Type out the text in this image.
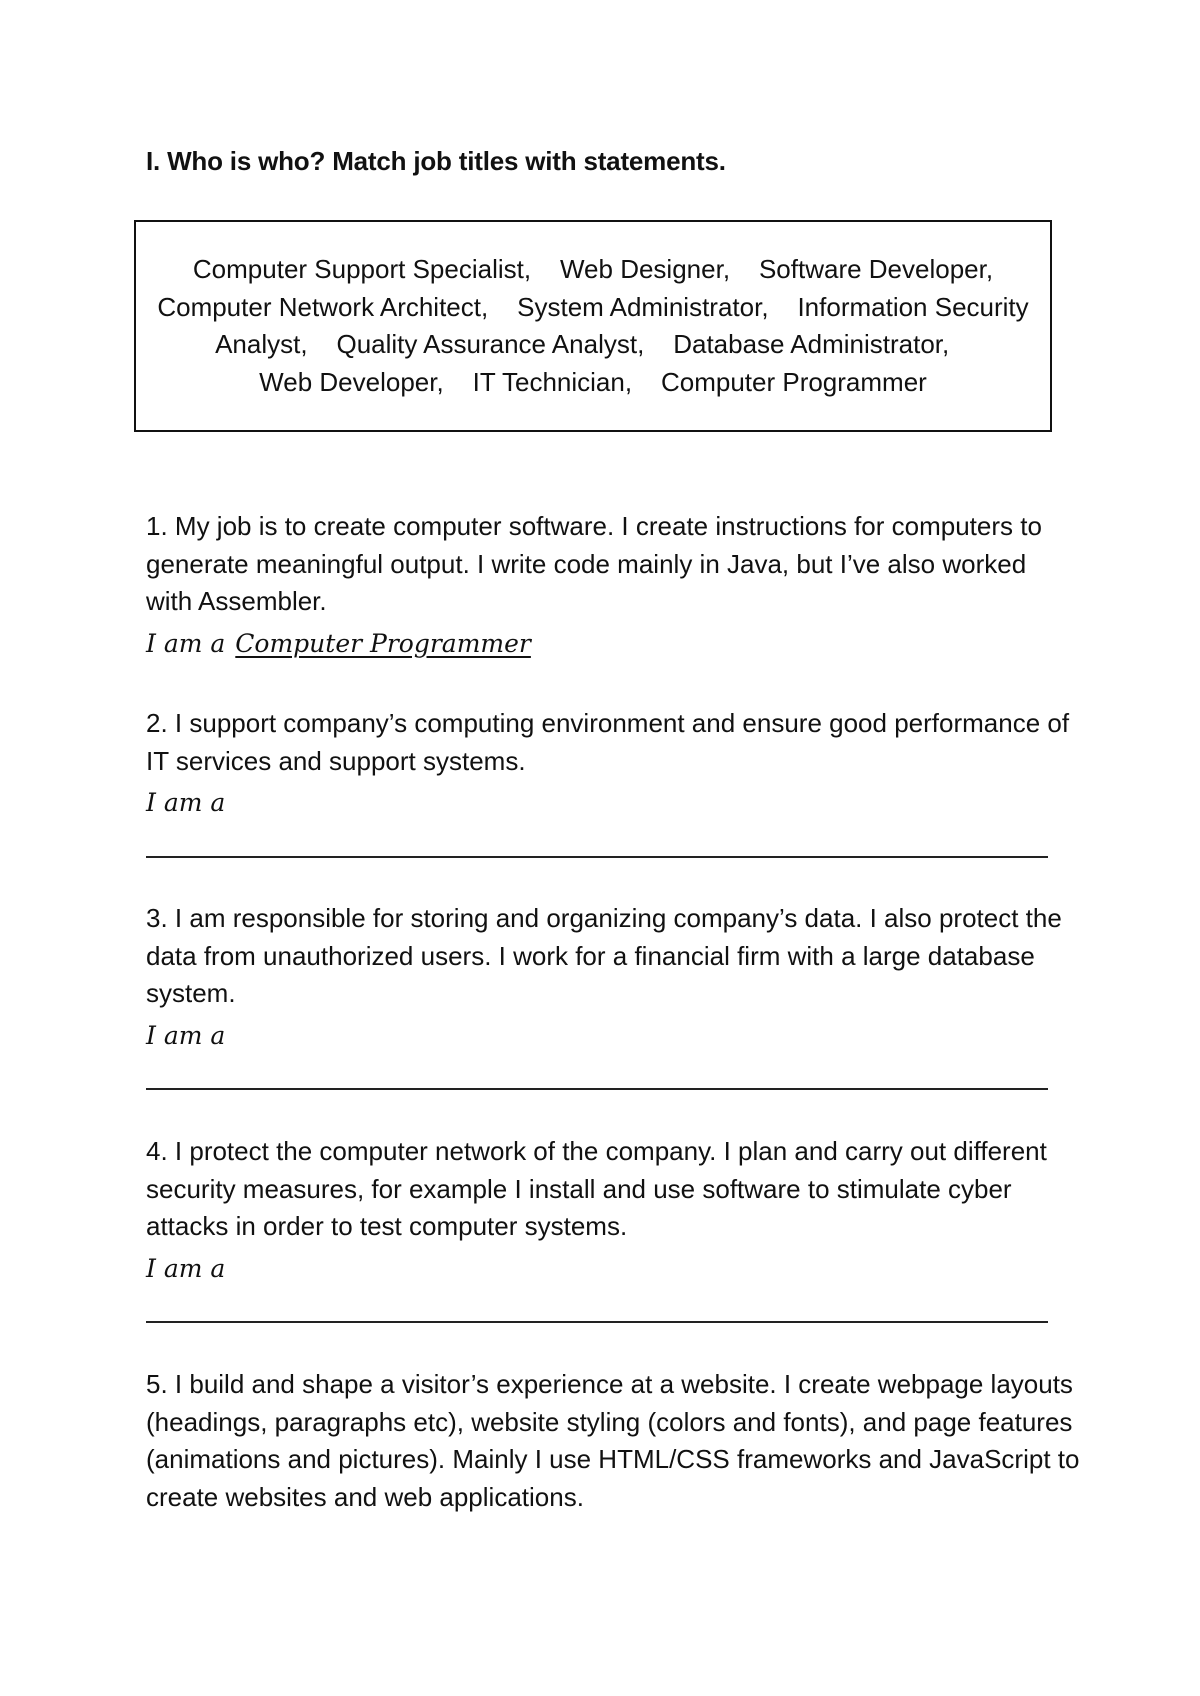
I. Who is who? Match job titles with statements.
Computer Support Specialist, Web Designer, Software Developer,
Computer Network Architect, System Administrator, Information Security Analyst, Quality Assurance Analyst, Database Administrator,    Web Developer, IT Technician, Computer Programmer

1. My job is to create computer software. I create instructions for computers to generate meaningful output. I write code mainly in Java, but I’ve also worked with Assembler.

I am a Computer Programmer

2. I support company’s computing environment and ensure good performance of IT services and support systems.

I am a

3. I am responsible for storing and organizing company’s data. I also protect the data from unauthorized users. I work for a financial firm with a large database system.

I am a

4. I protect the computer network of the company. I plan and carry out different security measures, for example I install and use software to stimulate cyber attacks in order to test computer systems.

I am a

5. I build and shape a visitor’s experience at a website. I create webpage layouts (headings, paragraphs etc), website styling (colors and fonts), and page features (animations and pictures). Mainly I use HTML/CSS frameworks and JavaScript to create websites and web applications.
